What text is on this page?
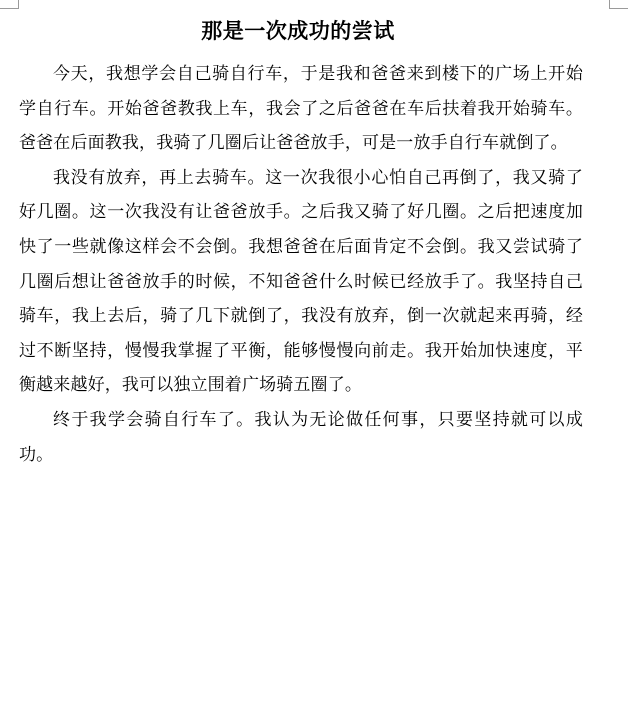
那是一次成功的尝试

今天，我想学会自己骑自行车，于是我和爸爸来到楼下的广场上开始学自行车。开始爸爸教我上车，我会了之后爸爸在车后扶着我开始骑车。爸爸在后面教我，我骑了几圈后让爸爸放手，可是一放手自行车就倒了。

我没有放弃，再上去骑车。这一次我很小心怕自己再倒了，我又骑了好几圈。这一次我没有让爸爸放手。之后我又骑了好几圈。之后把速度加快了一些就像这样会不会倒。我想爸爸在后面肯定不会倒。我又尝试骑了几圈后想让爸爸放手的时候，不知爸爸什么时候已经放手了。我坚持自己骑车，我上去后，骑了几下就倒了，我没有放弃，倒一次就起来再骑，经过不断坚持，慢慢我掌握了平衡，能够慢慢向前走。我开始加快速度，平衡越来越好，我可以独立围着广场骑五圈了。

终于我学会骑自行车了。我认为无论做任何事，只要坚持就可以成功。
